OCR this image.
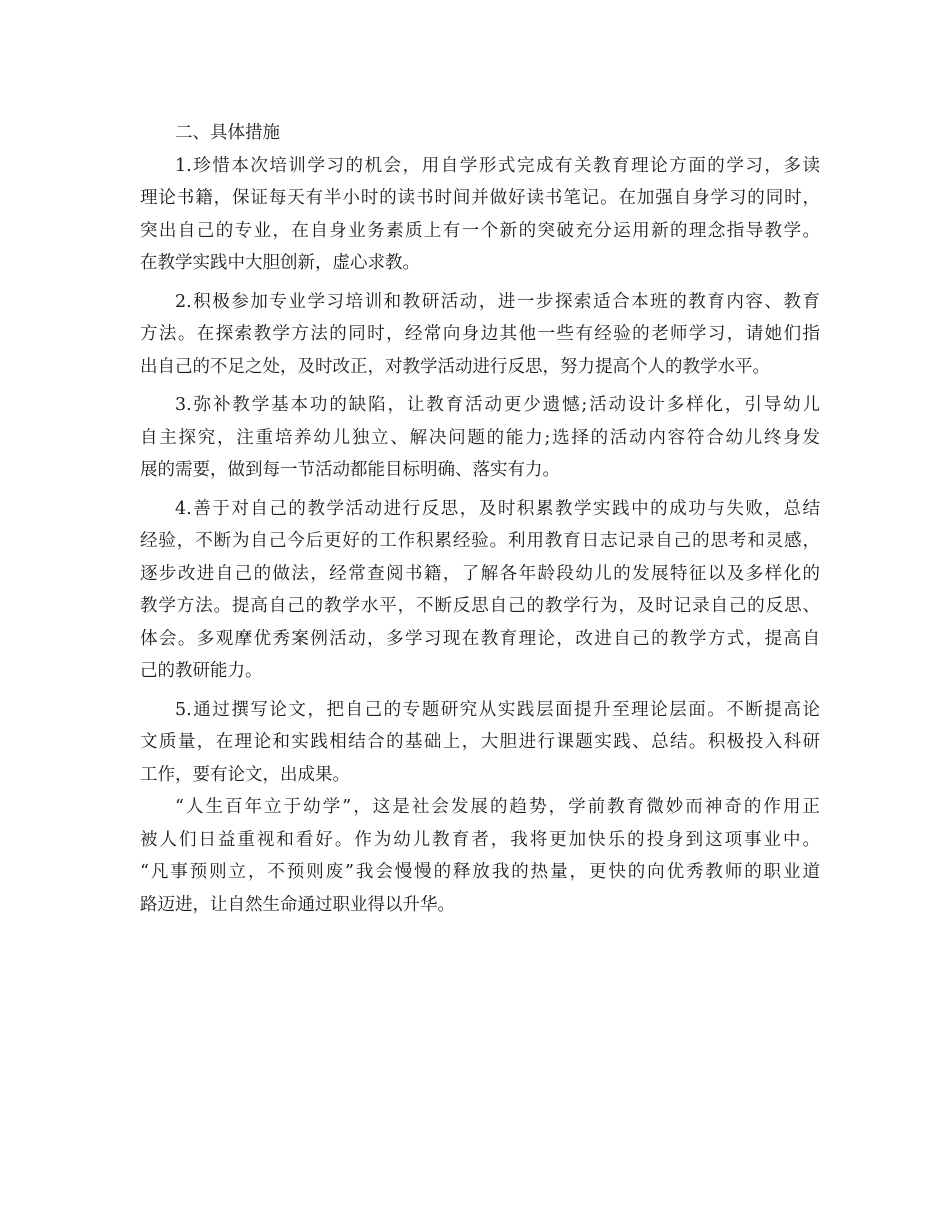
二、具体措施
1.珍惜本次培训学习的机会，用自学形式完成有关教育理论方面的学习，多读
理论书籍，保证每天有半小时的读书时间并做好读书笔记。在加强自身学习的同时，
突出自己的专业，在自身业务素质上有一个新的突破充分运用新的理念指导教学。
在教学实践中大胆创新，虚心求教。
2.积极参加专业学习培训和教研活动，进一步探索适合本班的教育内容、教育
方法。在探索教学方法的同时，经常向身边其他一些有经验的老师学习，请她们指
出自己的不足之处，及时改正，对教学活动进行反思，努力提高个人的教学水平。
3.弥补教学基本功的缺陷，让教育活动更少遗憾;活动设计多样化，引导幼儿
自主探究，注重培养幼儿独立、解决问题的能力;选择的活动内容符合幼儿终身发
展的需要，做到每一节活动都能目标明确、落实有力。
4.善于对自己的教学活动进行反思，及时积累教学实践中的成功与失败，总结
经验，不断为自己今后更好的工作积累经验。利用教育日志记录自己的思考和灵感，
逐步改进自己的做法，经常查阅书籍，了解各年龄段幼儿的发展特征以及多样化的
教学方法。提高自己的教学水平，不断反思自己的教学行为，及时记录自己的反思、
体会。多观摩优秀案例活动，多学习现在教育理论，改进自己的教学方式，提高自
己的教研能力。
5.通过撰写论文，把自己的专题研究从实践层面提升至理论层面。不断提高论
文质量，在理论和实践相结合的基础上，大胆进行课题实践、总结。积极投入科研
工作，要有论文，出成果。
“人生百年立于幼学”，这是社会发展的趋势，学前教育微妙而神奇的作用正
被人们日益重视和看好。作为幼儿教育者，我将更加快乐的投身到这项事业中。
“凡事预则立，不预则废”我会慢慢的释放我的热量，更快的向优秀教师的职业道
路迈进，让自然生命通过职业得以升华。
